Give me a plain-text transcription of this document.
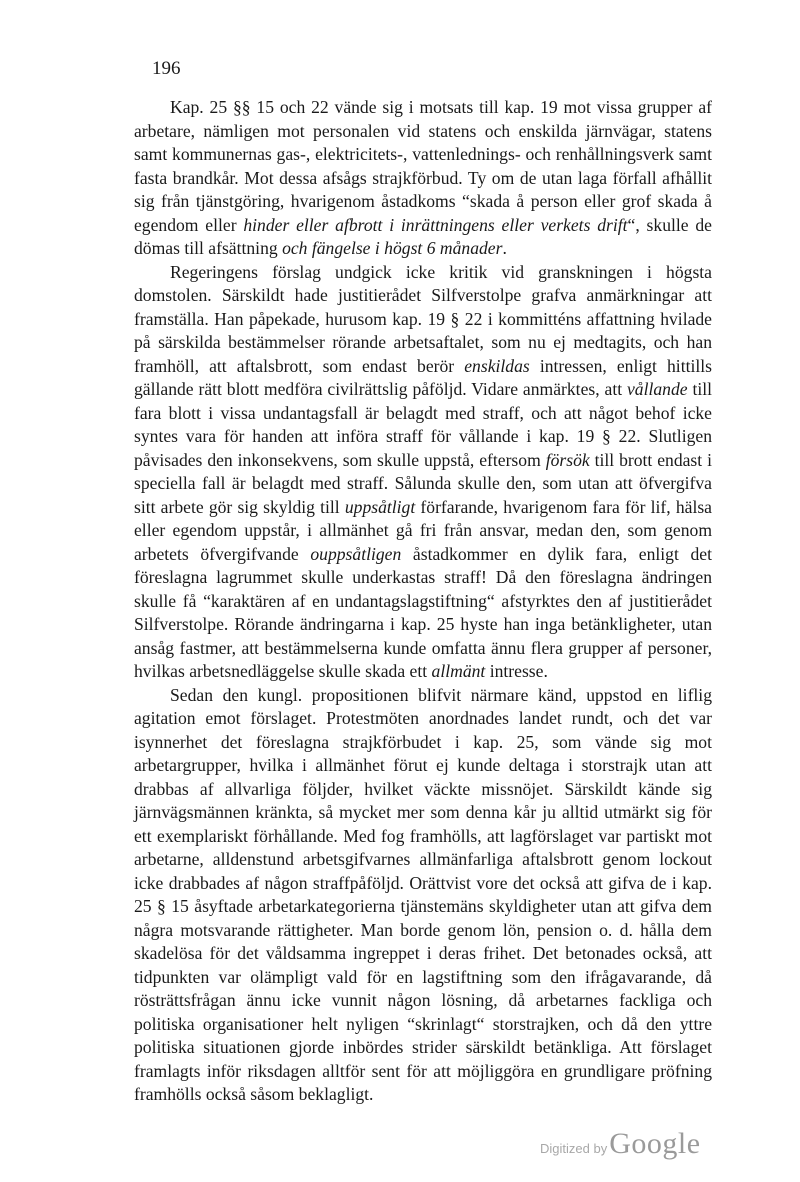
196

Kap. 25 §§ 15 och 22 vände sig i motsats till kap. 19 mot vissa grupper af arbetare, nämligen mot personalen vid statens och enskilda järnvägar, statens samt kommunernas gas-, elektricitets-, vattenlednings- och renhållningsverk samt fasta brandkår. Mot dessa afsågs strajkförbud. Ty om de utan laga förfall afhållit sig från tjänstgöring, hvarigenom åstadkoms “skada å person eller grof skada å egendom eller hinder eller afbrott i inrättningens eller verkets drift“, skulle de dömas till afsättning och fängelse i högst 6 månader.

Regeringens förslag undgick icke kritik vid granskningen i högsta domstolen. Särskildt hade justitierådet Silfverstolpe grafva anmärkningar att framställa. Han påpekade, hurusom kap. 19 § 22 i kommitténs affattning hvilade på särskilda bestämmelser rörande arbetsaftalet, som nu ej medtagits, och han framhöll, att aftalsbrott, som endast berör enskildas intressen, enligt hittills gällande rätt blott medföra civilrättslig påföljd. Vidare anmärktes, att vållande till fara blott i vissa undantagsfall är belagdt med straff, och att något behof icke syntes vara för handen att införa straff för vållande i kap. 19 § 22. Slutligen påvisades den inkonsekvens, som skulle uppstå, eftersom försök till brott endast i speciella fall är belagdt med straff. Sålunda skulle den, som utan att öfvergifva sitt arbete gör sig skyldig till uppsåtligt förfarande, hvarigenom fara för lif, hälsa eller egendom uppstår, i allmänhet gå fri från ansvar, medan den, som genom arbetets öfvergifvande ouppsåtligen åstadkommer en dylik fara, enligt det föreslagna lagrummet skulle underkastas straff! Då den föreslagna ändringen skulle få “karaktären af en undantagslagstiftning“ afstyrktes den af justitierådet Silfverstolpe. Rörande ändringarna i kap. 25 hyste han inga betänkligheter, utan ansåg fastmer, att bestämmelserna kunde omfatta ännu flera grupper af personer, hvilkas arbetsnedläggelse skulle skada ett allmänt intresse.

Sedan den kungl. propositionen blifvit närmare känd, uppstod en liflig agitation emot förslaget. Protestmöten anordnades landet rundt, och det var isynnerhet det föreslagna strajkförbudet i kap. 25, som vände sig mot arbetargrupper, hvilka i allmänhet förut ej kunde deltaga i storstrajk utan att drabbas af allvarliga följder, hvilket väckte missnöjet. Särskildt kände sig järnvägsmännen kränkta, så mycket mer som denna kår ju alltid utmärkt sig för ett exemplariskt förhållande. Med fog framhölls, att lagförslaget var partiskt mot arbetarne, alldenstund arbetsgifvarnes allmänfarliga aftalsbrott genom lockout icke drabbades af någon straffpåföljd. Orättvist vore det också att gifva de i kap. 25 § 15 åsyftade arbetarkategorierna tjänstemäns skyldigheter utan att gifva dem några motsvarande rättigheter. Man borde genom lön, pension o. d. hålla dem skadelösa för det våldsamma ingreppet i deras frihet. Det betonades också, att tidpunkten var olämpligt vald för en lagstiftning som den ifrågavarande, då rösträttsfrågan ännu icke vunnit någon lösning, då arbetarnes fackliga och politiska organisationer helt nyligen “skrinlagt“ storstrajken, och då den yttre politiska situationen gjorde inbördes strider särskildt betänkliga. Att förslaget framlagts inför riksdagen alltför sent för att möjliggöra en grundligare pröfning framhölls också såsom beklagligt.

Digitized by Google
